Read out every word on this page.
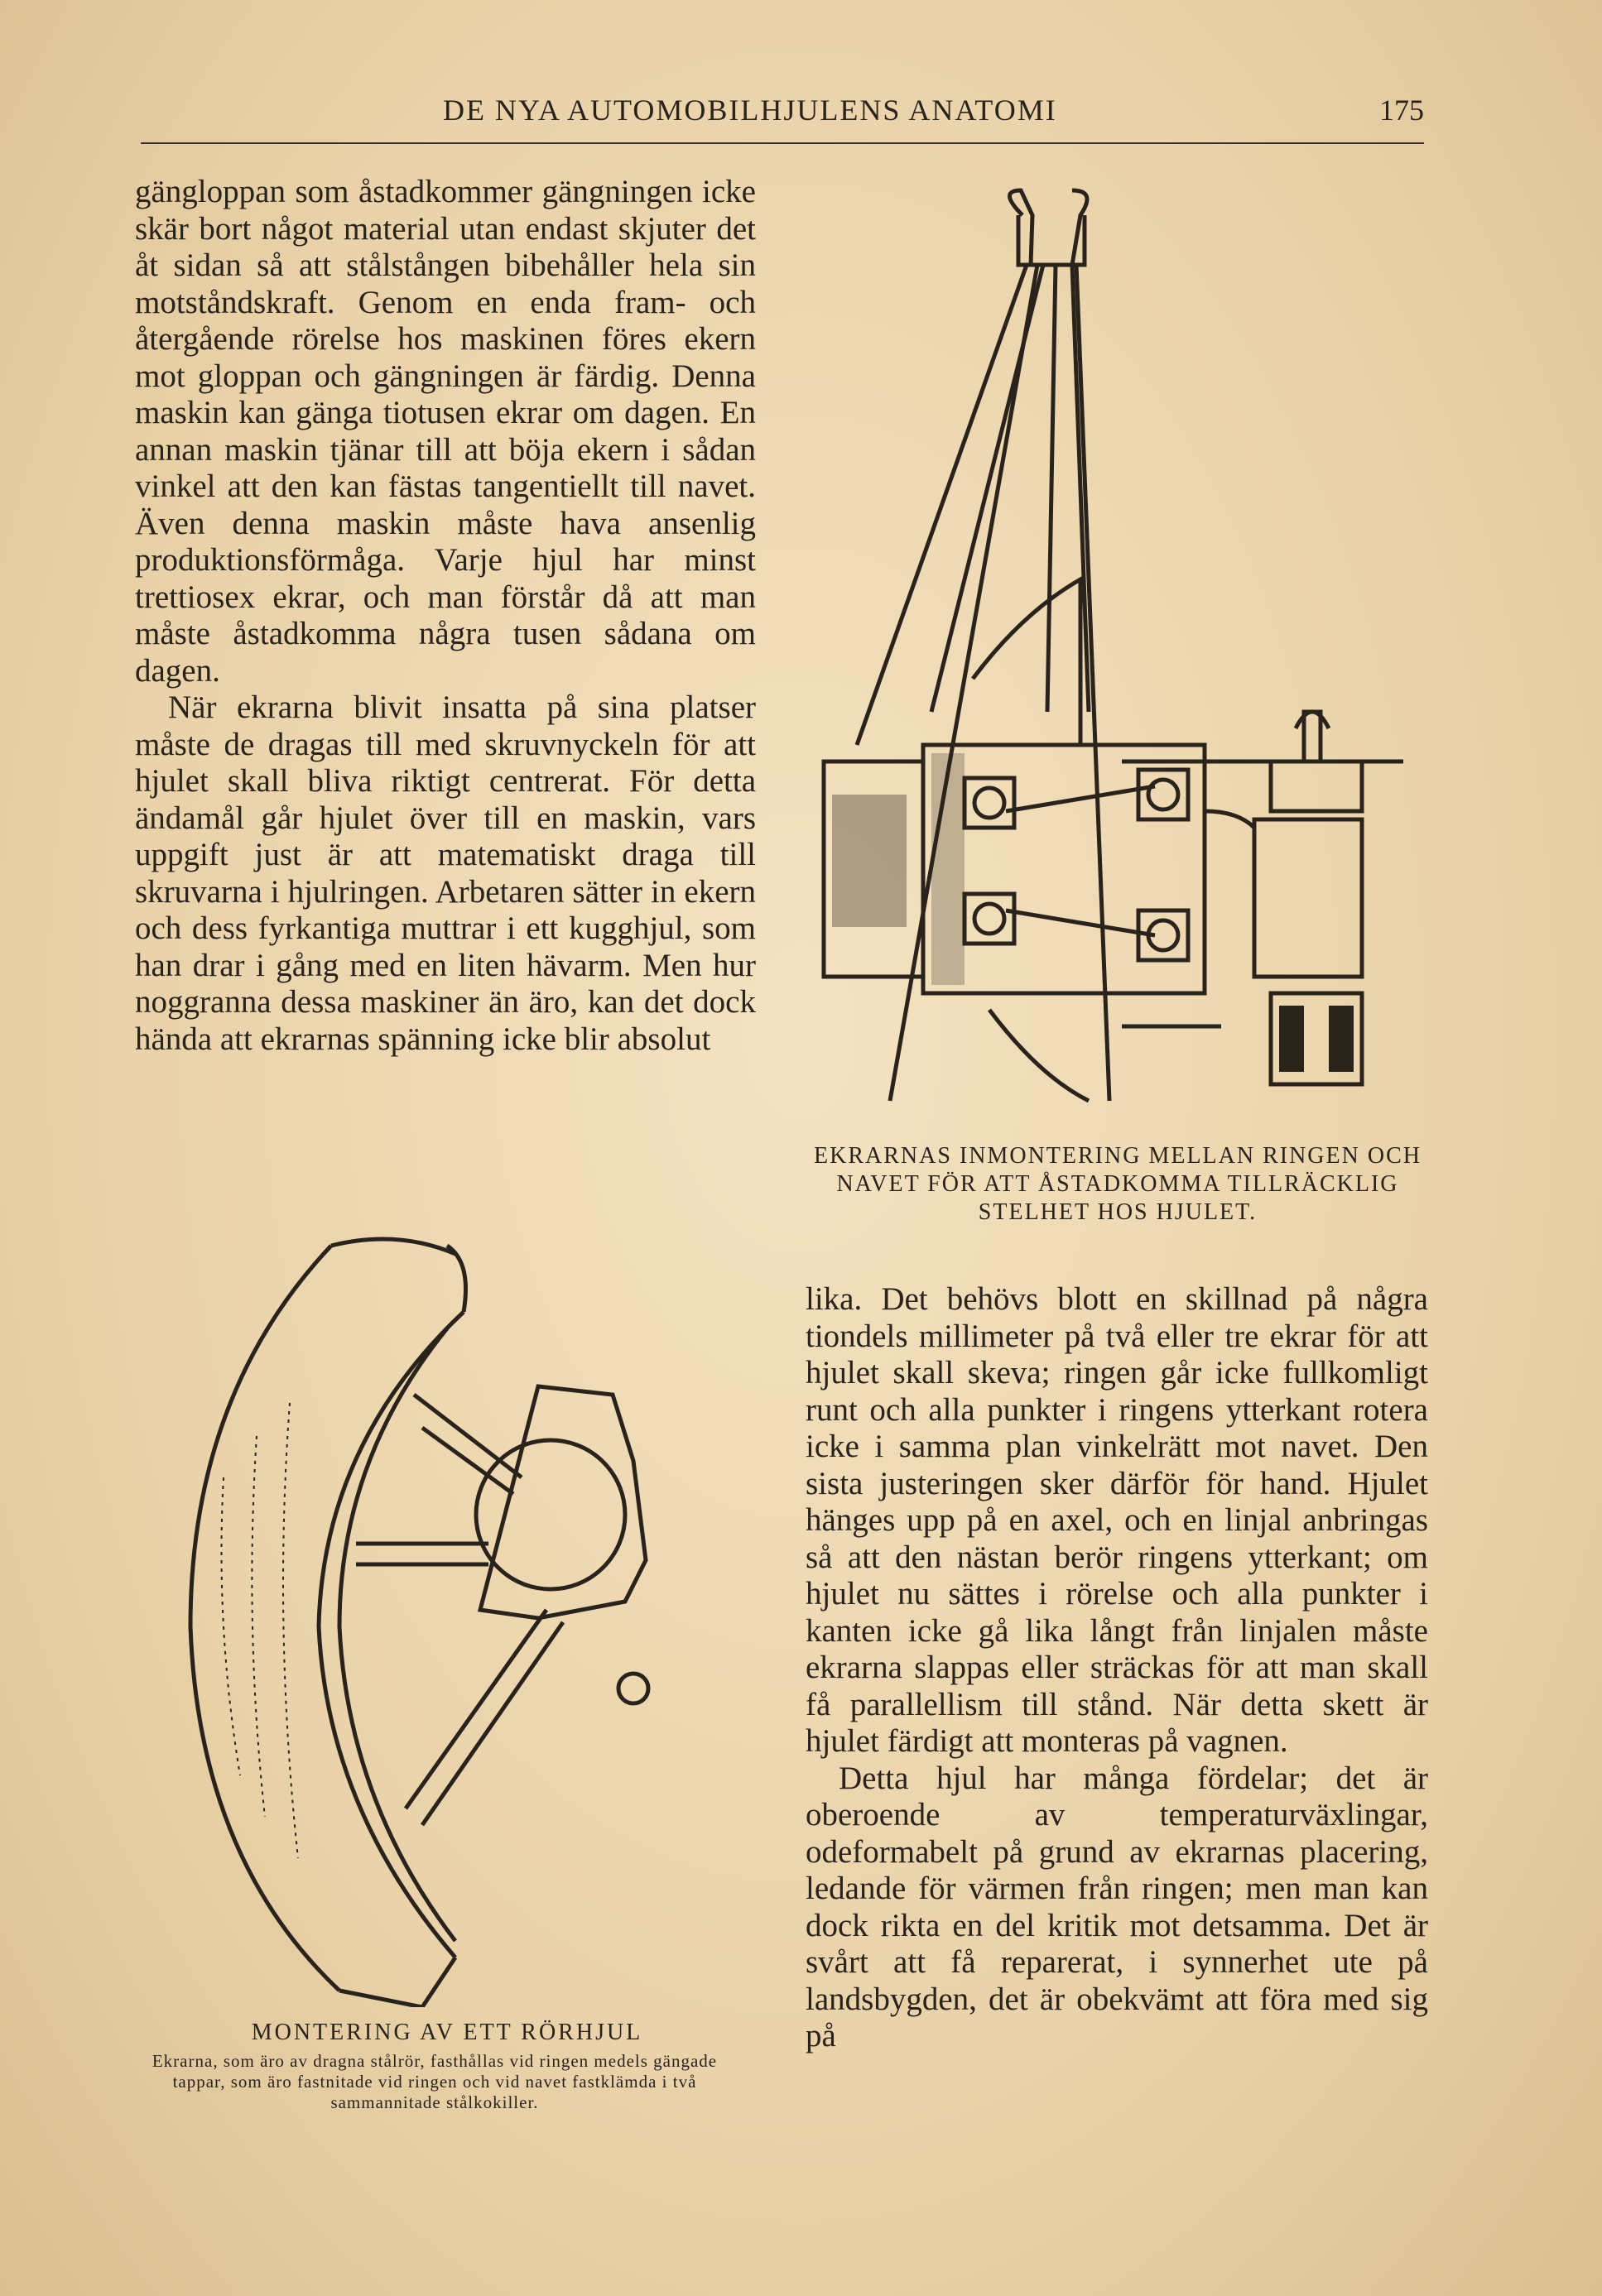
DE NYA AUTOMOBILHJULENS ANATOMI	175

gängloppan som åstadkommer gängningen icke skär bort något material utan endast skjuter det åt sidan så att stålstången bibehåller hela sin motståndskraft. Genom en enda fram- och återgående rörelse hos maskinen föres ekern mot gloppan och gängningen är färdig. Denna maskin kan gänga tiotusen ekrar om dagen. En annan maskin tjänar till att böja ekern i sådan vinkel att den kan fästas tangentiellt till navet. Även denna maskin måste hava ansenlig produktionsförmåga. Varje hjul har minst trettiosex ekrar, och man förstår då att man måste åstadkomma några tusen sådana om dagen.

När ekrarna blivit insatta på sina platser måste de dragas till med skruvnyckeln för att hjulet skall bliva riktigt centrerat. För detta ändamål går hjulet över till en maskin, vars uppgift just är att matematiskt draga till skruvarna i hjulringen. Arbetaren sätter in ekern och dess fyrkantiga muttrar i ett kugghjul, som han drar i gång med en liten hävarm. Men hur noggranna dessa maskiner än äro, kan det dock hända att ekrarnas spänning icke blir absolut

EKRARNAS INMONTERING MELLAN RINGEN OCH NAVET FÖR ATT ÅSTADKOMMA TILLRÄCKLIG STELHET HOS HJULET.
MONTERING AV ETT RÖRHJUL
Ekrarna, som äro av dragna stålrör, fasthållas vid ringen medels gängade tappar, som äro fastnitade vid ringen och vid navet fastklämda i två sammannitade stålkokiller.

lika. Det behövs blott en skillnad på några tiondels millimeter på två eller tre ekrar för att hjulet skall skeva; ringen går icke fullkomligt runt och alla punkter i ringens ytterkant rotera icke i samma plan vinkelrätt mot navet. Den sista justeringen sker därför för hand. Hjulet hänges upp på en axel, och en linjal anbringas så att den nästan berör ringens ytterkant; om hjulet nu sättes i rörelse och alla punkter i kanten icke gå lika långt från linjalen måste ekrarna slappas eller sträckas för att man skall få parallellism till stånd. När detta skett är hjulet färdigt att monteras på vagnen.

Detta hjul har många fördelar; det är oberoende av temperaturväxlingar, odeformabelt på grund av ekrarnas placering, ledande för värmen från ringen; men man kan dock rikta en del kritik mot detsamma. Det är svårt att få reparerat, i synnerhet ute på landsbygden, det är obekvämt att föra med sig på
